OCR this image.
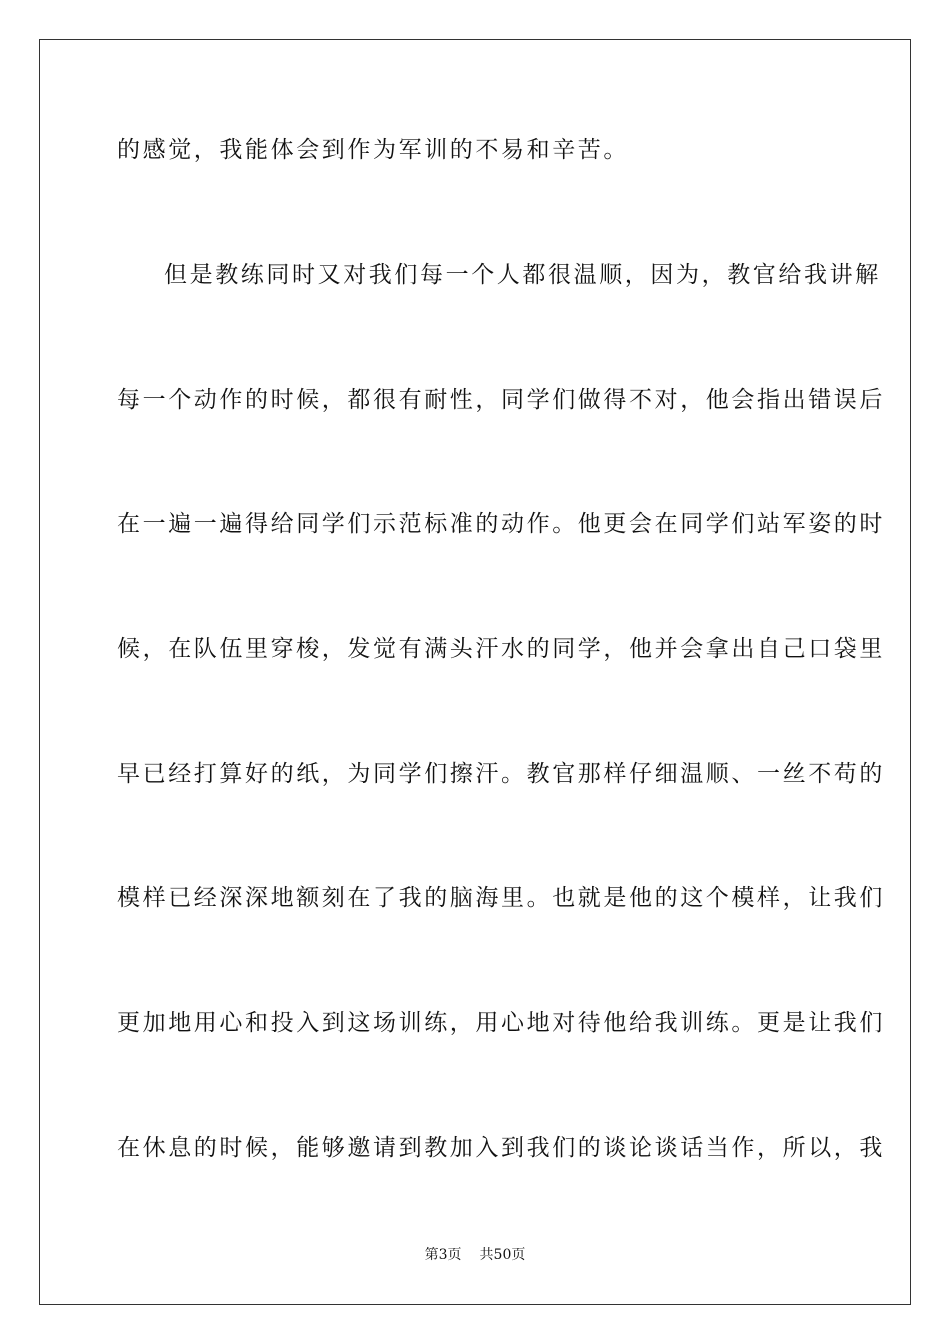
的感觉，我能体会到作为军训的不易和辛苦。
但是教练同时又对我们每一个人都很温顺，因为，教官给我讲解
每一个动作的时候，都很有耐性，同学们做得不对，他会指出错误后
在一遍一遍得给同学们示范标准的动作。他更会在同学们站军姿的时
候，在队伍里穿梭，发觉有满头汗水的同学，他并会拿出自己口袋里
早已经打算好的纸，为同学们擦汗。教官那样仔细温顺、一丝不苟的
模样已经深深地额刻在了我的脑海里。也就是他的这个模样，让我们
更加地用心和投入到这场训练，用心地对待他给我训练。更是让我们
在休息的时候，能够邀请到教加入到我们的谈论谈话当作，所以，我
第3页 共50页
